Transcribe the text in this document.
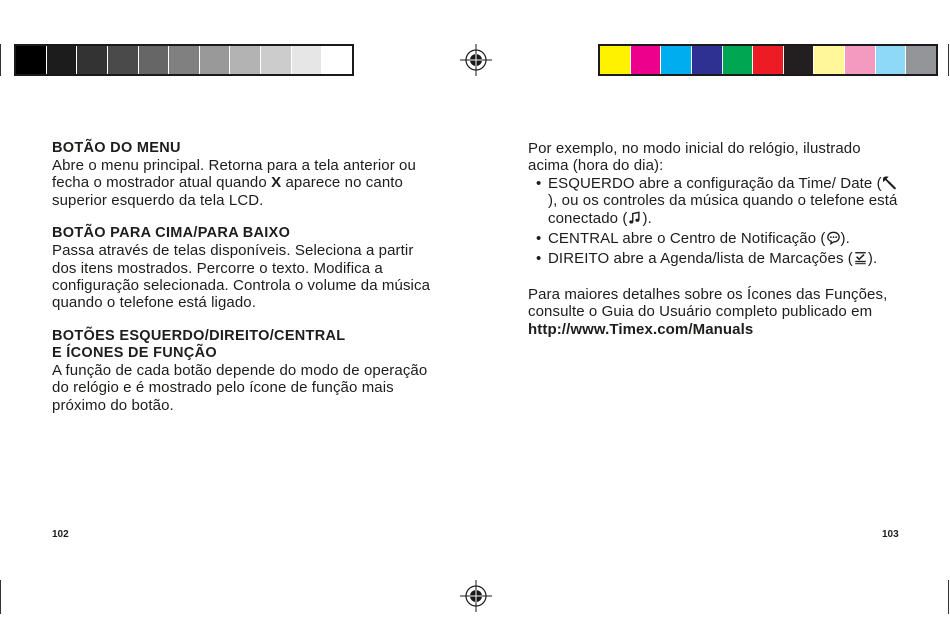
BOTÃO DO MENU

Abre o menu principal. Retorna para a tela anterior ou fecha o mostrador atual quando X aparece no canto superior esquerdo da tela LCD.

BOTÃO PARA CIMA/PARA BAIXO

Passa através de telas disponíveis. Seleciona a partir dos itens mostrados. Percorre o texto. Modifica a configuração selecionada. Controla o volume da música quando o telefone está ligado.

BOTÕES ESQUERDO/DIREITO/CENTRAL
E ÍCONES DE FUNÇÃO

A função de cada botão depende do modo de operação do relógio e é mostrado pelo ícone de função mais próximo do botão.

102

Por exemplo, no modo inicial do relógio, ilustrado acima (hora do dia):

• ESQUERDO abre a configuração da Time/ Date (), ou os controles da música quando o telefone está conectado ( ).
• CENTRAL abre o Centro de Notificação ( ).
• DIREITO abre a Agenda/lista de Marcações ( ).

Para maiores detalhes sobre os Ícones das Funções, consulte o Guia do Usuário completo publicado em http://www.Timex.com/Manuals

103
